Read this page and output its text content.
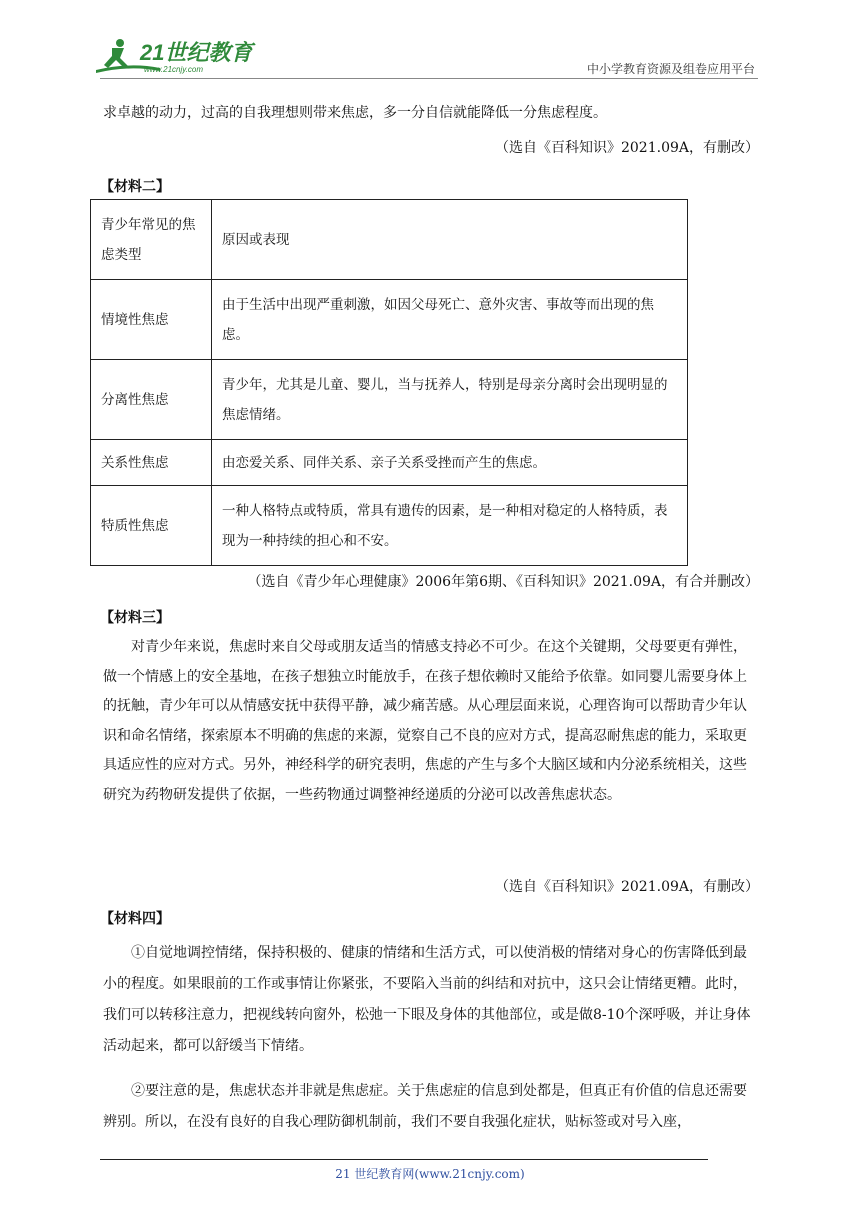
21世纪教育
www.21cnjy.com	中小学教育资源及组卷应用平台
求卓越的动力，过高的自我理想则带来焦虑，多一分自信就能降低一分焦虑程度。
（选自《百科知识》2021.09A，有删改）
【材料二】
青少年常见的焦虑类型	原因或表现
情境性焦虑	由于生活中出现严重刺激，如因父母死亡、意外灾害、事故等而出现的焦虑。
分离性焦虑	青少年，尤其是儿童、婴儿，当与抚养人，特别是母亲分离时会出现明显的焦虑情绪。
关系性焦虑	由恋爱关系、同伴关系、亲子关系受挫而产生的焦虑。
特质性焦虑	一种人格特点或特质，常具有遗传的因素，是一种相对稳定的人格特质，表现为一种持续的担心和不安。
（选自《青少年心理健康》2006年第6期、《百科知识》2021.09A，有合并删改）
【材料三】
对青少年来说，焦虑时来自父母或朋友适当的情感支持必不可少。在这个关键期，父母要更有弹性，做一个情感上的安全基地，在孩子想独立时能放手，在孩子想依赖时又能给予依靠。如同婴儿需要身体上的抚触，青少年可以从情感安抚中获得平静，减少痛苦感。从心理层面来说，心理咨询可以帮助青少年认识和命名情绪，探索原本不明确的焦虑的来源，觉察自己不良的应对方式，提高忍耐焦虑的能力，采取更具适应性的应对方式。另外，神经科学的研究表明，焦虑的产生与多个大脑区域和内分泌系统相关，这些研究为药物研发提供了依据，一些药物通过调整神经递质的分泌可以改善焦虑状态。
（选自《百科知识》2021.09A，有删改）
【材料四】
①自觉地调控情绪，保持积极的、健康的情绪和生活方式，可以使消极的情绪对身心的伤害降低到最小的程度。如果眼前的工作或事情让你紧张，不要陷入当前的纠结和对抗中，这只会让情绪更糟。此时，我们可以转移注意力，把视线转向窗外，松弛一下眼及身体的其他部位，或是做8-10个深呼吸，并让身体活动起来，都可以舒缓当下情绪。
②要注意的是，焦虑状态并非就是焦虑症。关于焦虑症的信息到处都是，但真正有价值的信息还需要辨别。所以，在没有良好的自我心理防御机制前，我们不要自我强化症状，贴标签或对号入座，
21 世纪教育网(www.21cnjy.com)
